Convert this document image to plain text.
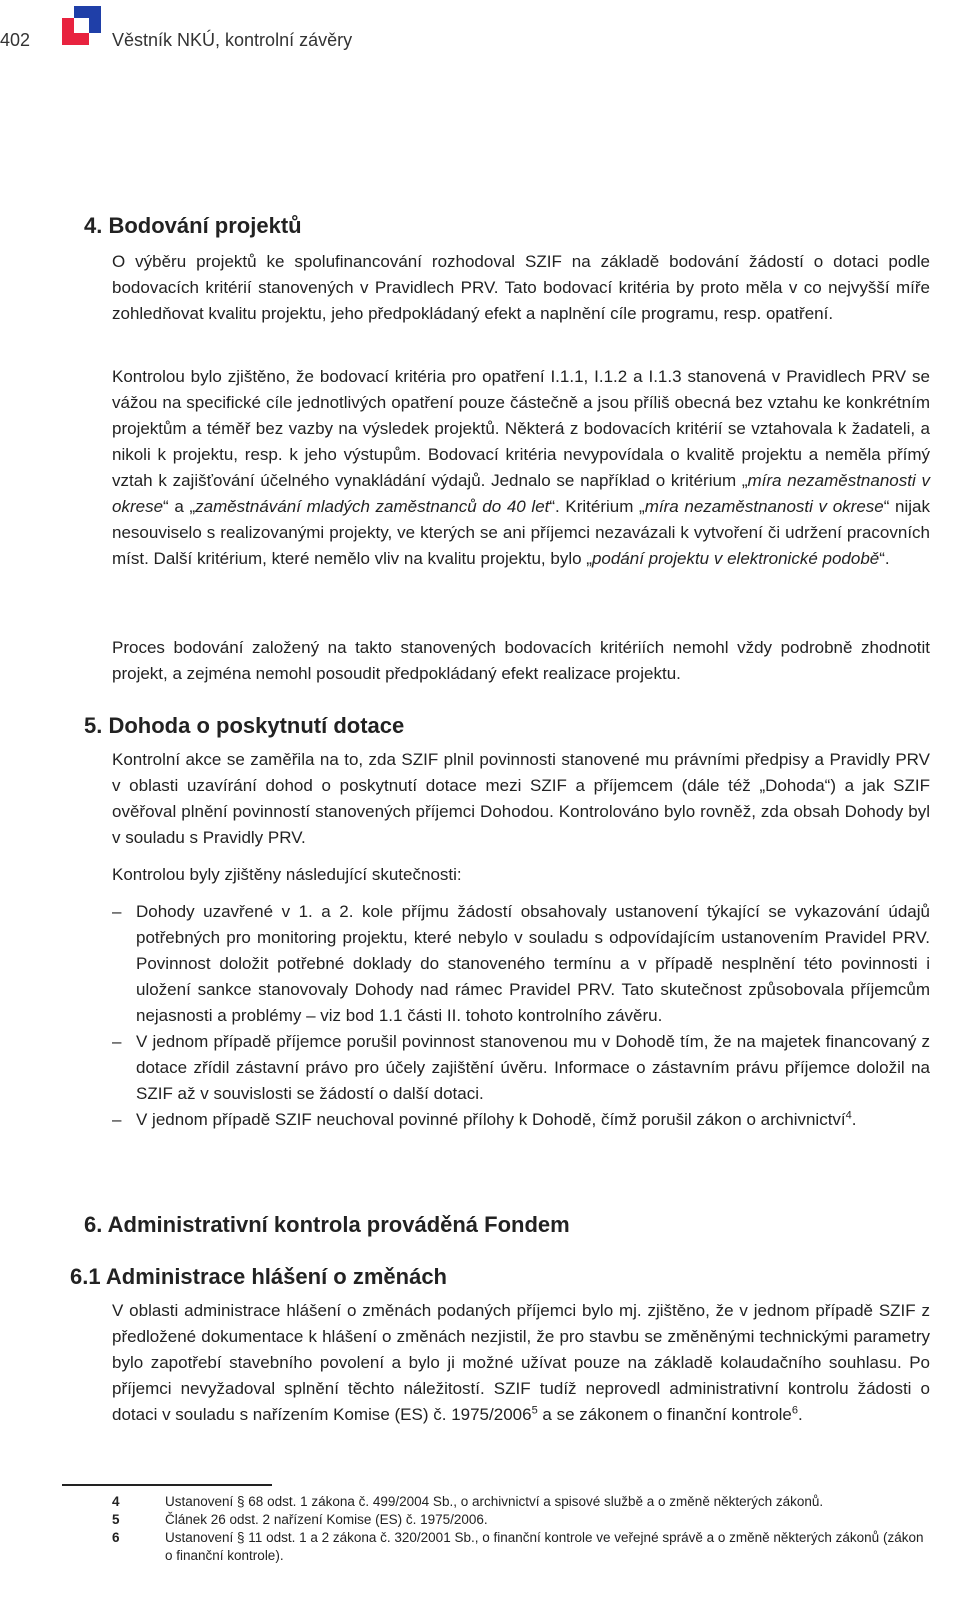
402	Věstník NKÚ, kontrolní závěry
4. Bodování projektů
O výběru projektů ke spolufinancování rozhodoval SZIF na základě bodování žádostí o dotaci podle bodovacích kritérií stanovených v Pravidlech PRV. Tato bodovací kritéria by proto měla v co nejvyšší míře zohledňovat kvalitu projektu, jeho předpokládaný efekt a naplnění cíle programu, resp. opatření.
Kontrolou bylo zjištěno, že bodovací kritéria pro opatření I.1.1, I.1.2 a I.1.3 stanovená v Pravidlech PRV se vážou na specifické cíle jednotlivých opatření pouze částečně a jsou příliš obecná bez vztahu ke konkrétním projektům a téměř bez vazby na výsledek projektů. Některá z bodovacích kritérií se vztahovala k žadateli, a nikoli k projektu, resp. k jeho výstupům. Bodovací kritéria nevypovídala o kvalitě projektu a neměla přímý vztah k zajišťování účelného vynakládání výdajů. Jednalo se například o kritérium „míra nezaměstnanosti v okrese“ a „zaměstnávání mladých zaměstnanců do 40 let“. Kritérium „míra nezaměstnanosti v okrese“ nijak nesouviselo s realizovanými projekty, ve kterých se ani příjemci nezavázali k vytvoření či udržení pracovních míst. Další kritérium, které nemělo vliv na kvalitu projektu, bylo „podání projektu v elektronické podobě“.
Proces bodování založený na takto stanovených bodovacích kritériích nemohl vždy podrobně zhodnotit projekt, a zejména nemohl posoudit předpokládaný efekt realizace projektu.
5. Dohoda o poskytnutí dotace
Kontrolní akce se zaměřila na to, zda SZIF plnil povinnosti stanovené mu právními předpisy a Pravidly PRV v oblasti uzavírání dohod o poskytnutí dotace mezi SZIF a příjemcem (dále též „Dohoda“) a jak SZIF ověřoval plnění povinností stanovených příjemci Dohodou. Kontrolováno bylo rovněž, zda obsah Dohody byl v souladu s Pravidly PRV.
Kontrolou byly zjištěny následující skutečnosti:
– Dohody uzavřené v 1. a 2. kole příjmu žádostí obsahovaly ustanovení týkající se vykazování údajů potřebných pro monitoring projektu, které nebylo v souladu s odpovídajícím ustanovením Pravidel PRV. Povinnost doložit potřebné doklady do stanoveného termínu a v případě nesplnění této povinnosti i uložení sankce stanovovaly Dohody nad rámec Pravidel PRV. Tato skutečnost způsobovala příjemcům nejasnosti a problémy – viz bod 1.1 části II. tohoto kontrolního závěru.
– V jednom případě příjemce porušil povinnost stanovenou mu v Dohodě tím, že na majetek financovaný z dotace zřídil zástavní právo pro účely zajištění úvěru. Informace o zástavním právu příjemce doložil na SZIF až v souvislosti se žádostí o další dotaci.
– V jednom případě SZIF neuchoval povinné přílohy k Dohodě, čímž porušil zákon o archivnictví$^4$.
6. Administrativní kontrola prováděná Fondem
6.1 Administrace hlášení o změnách
V oblasti administrace hlášení o změnách podaných příjemci bylo mj. zjištěno, že v jednom případě SZIF z předložené dokumentace k hlášení o změnách nezjistil, že pro stavbu se změněnými technickými parametry bylo zapotřebí stavebního povolení a bylo ji možné užívat pouze na základě kolaudačního souhlasu. Po příjemci nevyžadoval splnění těchto náležitostí. SZIF tudíž neprovedl administrativní kontrolu žádosti o dotaci v souladu s nařízením Komise (ES) č. 1975/2006$^5$ a se zákonem o finanční kontrole$^6$.
4	Ustanovení § 68 odst. 1 zákona č. 499/2004 Sb., o archivnictví a spisové službě a o změně některých zákonů.
5	Článek 26 odst. 2 nařízení Komise (ES) č. 1975/2006.
6	Ustanovení § 11 odst. 1 a 2 zákona č. 320/2001 Sb., o finanční kontrole ve veřejné správě a o změně některých zákonů (zákon o finanční kontrole).
